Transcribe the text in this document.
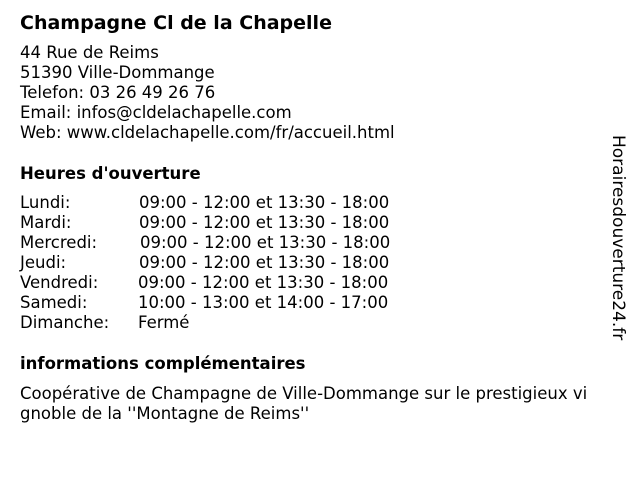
Champagne Cl de la Chapelle
44 Rue de Reims
51390 Ville-Dommange
Telefon: 03 26 49 26 76
Email: infos@cldelachapelle.com
Web: www.cldelachapelle.com/fr/accueil.html
Heures d'ouverture
Lundi:	09:00 - 12:00 et 13:30 - 18:00
Mardi:	09:00 - 12:00 et 13:30 - 18:00
Mercredi:	09:00 - 12:00 et 13:30 - 18:00
Jeudi:	09:00 - 12:00 et 13:30 - 18:00
Vendredi: 09:00 - 12:00 et 13:30 - 18:00
Samedi:	10:00 - 13:00 et 14:00 - 17:00
Dimanche: Fermé
informations complémentaires
Coopérative de Champagne de Ville-Dommange sur le prestigieux vi
gnoble de la ''Montagne de Reims''
Horairesdouverture24.fr
